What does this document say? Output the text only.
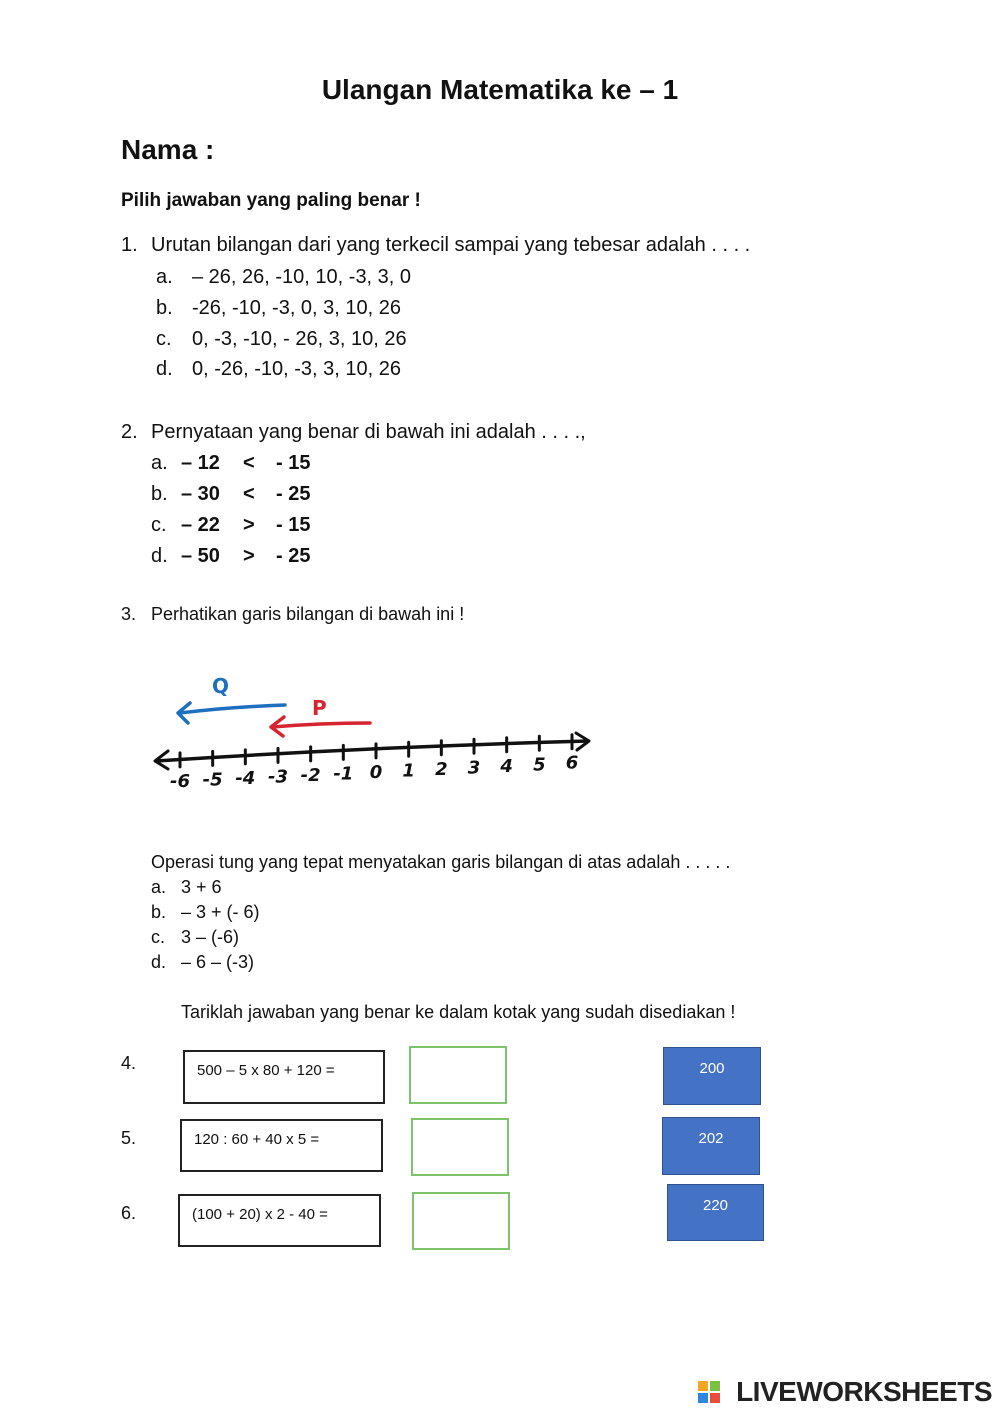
Ulangan Matematika ke – 1
Nama :
Pilih jawaban yang paling benar !
1. Urutan bilangan dari yang terkecil sampai yang tebesar adalah . . . .
a. – 26, 26, -10, 10, -3, 3, 0
b. -26, -10, -3, 0, 3, 10, 26
c. 0, -3, -10, - 26, 3, 10, 26
d. 0, -26, -10, -3, 3, 10, 26
2. Pernyataan yang benar di bawah ini adalah . . . .,
a. – 12 < - 15
b. – 30 < - 25
c. – 22 > - 15
d. – 50 > - 25
3. Perhatikan garis bilangan di bawah ini !
Q
P
-6 -5 -4 -3 -2 -1 0 1 2 3 4 5 6
Operasi tung yang tepat menyatakan garis bilangan di atas adalah . . . . .
a. 3 + 6
b. – 3 + (- 6)
c. 3 – (-6)
d. – 6 – (-3)
Tariklah jawaban yang benar ke dalam kotak yang sudah disediakan !
4.	500 – 5 x 80 + 120 =
5.	120 : 60 + 40 x 5 =
6.	(100 + 20) x 2 - 40 =
200
202
220
LIVEWORKSHEETS
